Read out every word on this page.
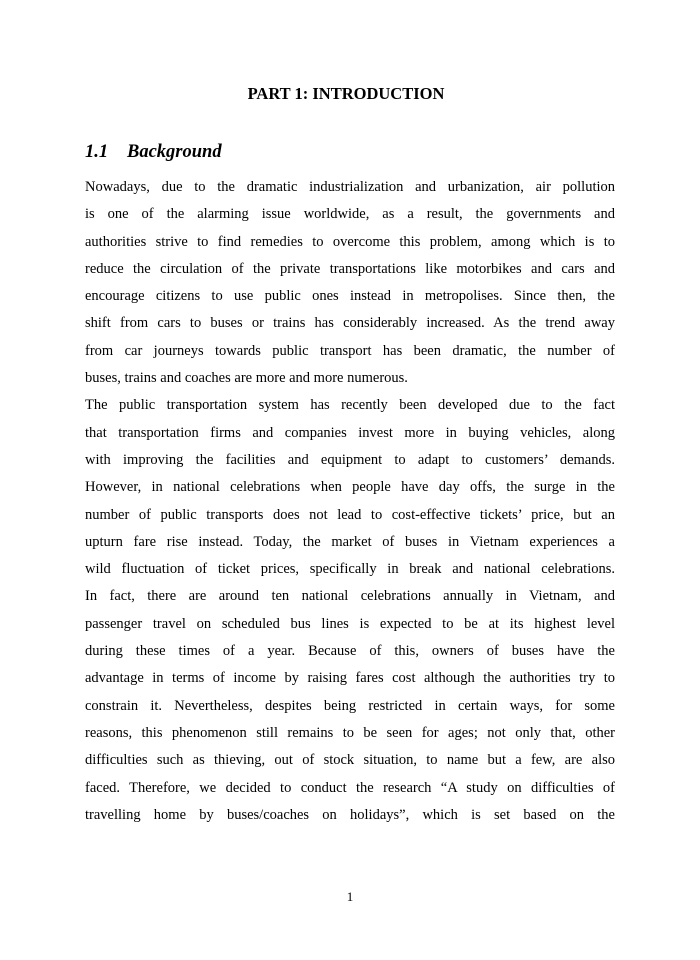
PART 1: INTRODUCTION
1.1 Background
Nowadays, due to the dramatic industrialization and urbanization, air pollution
is one of the alarming issue worldwide, as a result, the governments and
authorities strive to find remedies to overcome this problem, among which is to
reduce the circulation of the private transportations like motorbikes and cars and
encourage citizens to use public ones instead in metropolises. Since then, the
shift from cars to buses or trains has considerably increased. As the trend away
from car journeys towards public transport has been dramatic, the number of
buses, trains and coaches are more and more numerous.
The public transportation system has recently been developed due to the fact
that transportation firms and companies invest more in buying vehicles, along
with improving the facilities and equipment to adapt to customers’ demands.
However, in national celebrations when people have day offs, the surge in the
number of public transports does not lead to cost-effective tickets’ price, but an
upturn fare rise instead. Today, the market of buses in Vietnam experiences a
wild fluctuation of ticket prices, specifically in break and national celebrations.
In fact, there are around ten national celebrations annually in Vietnam, and
passenger travel on scheduled bus lines is expected to be at its highest level
during these times of a year. Because of this, owners of buses have the
advantage in terms of income by raising fares cost although the authorities try to
constrain it. Nevertheless, despites being restricted in certain ways, for some
reasons, this phenomenon still remains to be seen for ages; not only that, other
difficulties such as thieving, out of stock situation, to name but a few, are also
faced. Therefore, we decided to conduct the research “A study on difficulties of
travelling home by buses/coaches on holidays”, which is set based on the
1
